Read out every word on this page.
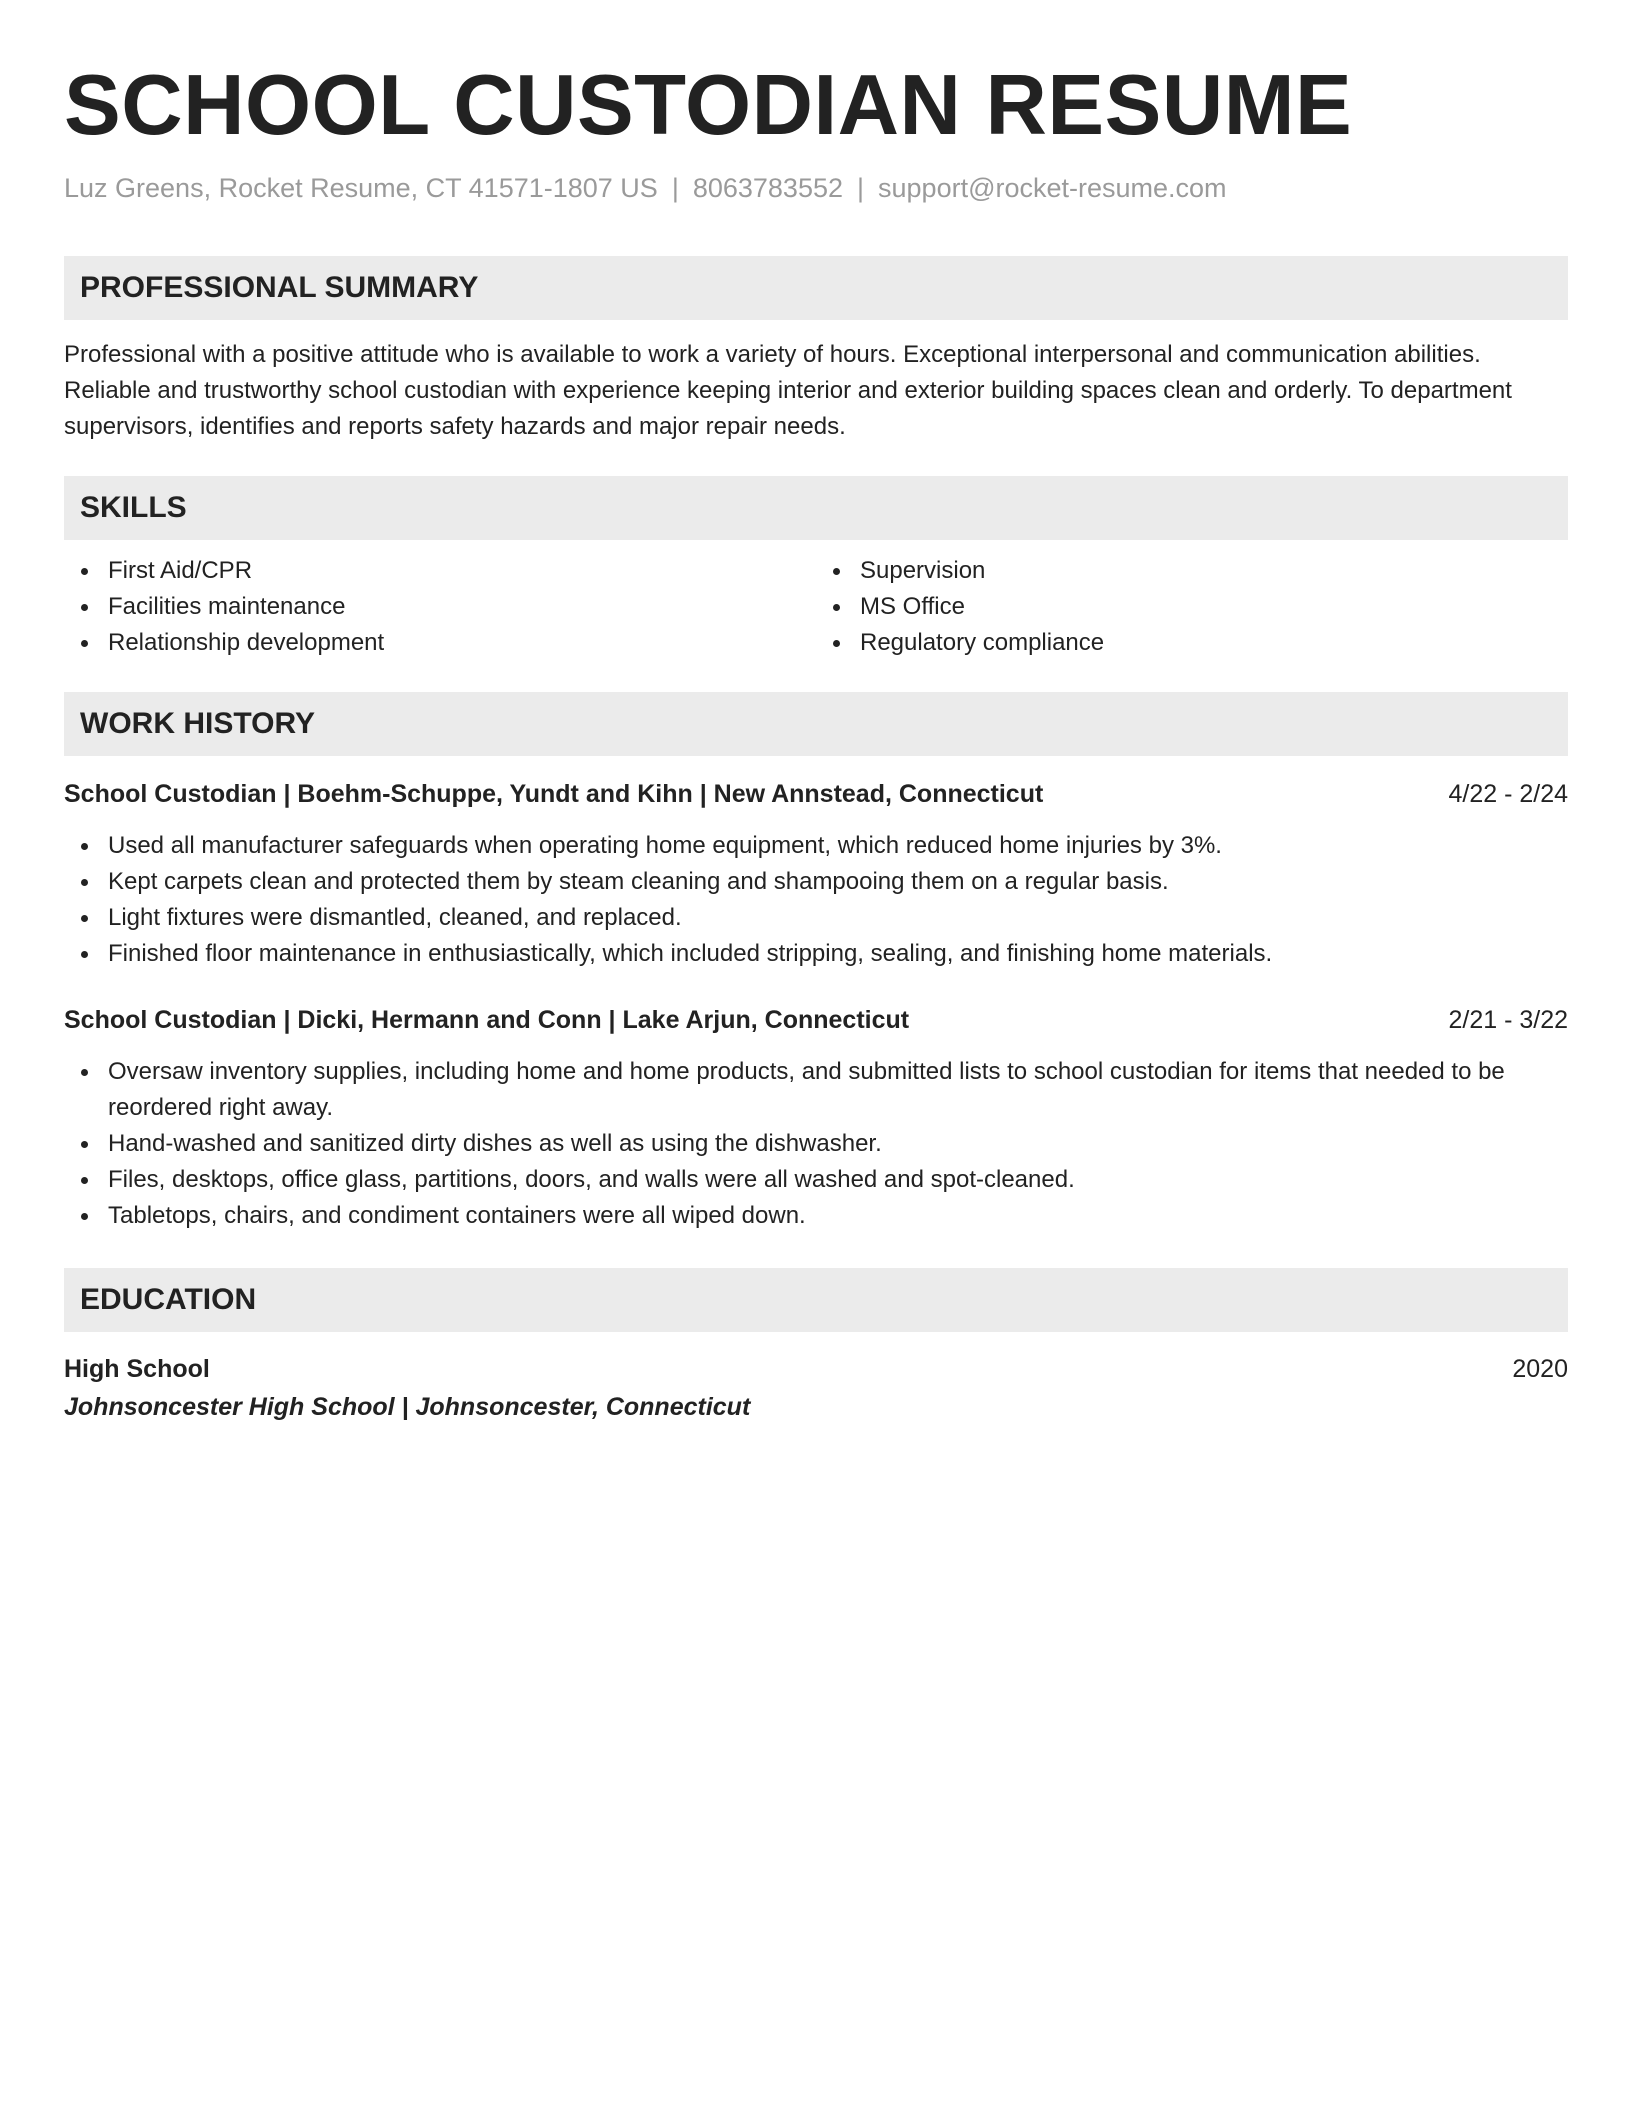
SCHOOL CUSTODIAN RESUME
Luz Greens, Rocket Resume, CT 41571-1807 US | 8063783552 | support@rocket-resume.com
PROFESSIONAL SUMMARY
Professional with a positive attitude who is available to work a variety of hours. Exceptional interpersonal and communication abilities. Reliable and trustworthy school custodian with experience keeping interior and exterior building spaces clean and orderly. To department supervisors, identifies and reports safety hazards and major repair needs.
SKILLS
First Aid/CPR
Facilities maintenance
Relationship development
Supervision
MS Office
Regulatory compliance
WORK HISTORY
School Custodian | Boehm-Schuppe, Yundt and Kihn | New Annstead, Connecticut	4/22 - 2/24
Used all manufacturer safeguards when operating home equipment, which reduced home injuries by 3%.
Kept carpets clean and protected them by steam cleaning and shampooing them on a regular basis.
Light fixtures were dismantled, cleaned, and replaced.
Finished floor maintenance in enthusiastically, which included stripping, sealing, and finishing home materials.
School Custodian | Dicki, Hermann and Conn | Lake Arjun, Connecticut	2/21 - 3/22
Oversaw inventory supplies, including home and home products, and submitted lists to school custodian for items that needed to be reordered right away.
Hand-washed and sanitized dirty dishes as well as using the dishwasher.
Files, desktops, office glass, partitions, doors, and walls were all washed and spot-cleaned.
Tabletops, chairs, and condiment containers were all wiped down.
EDUCATION
High School	2020
Johnsoncester High School | Johnsoncester, Connecticut
